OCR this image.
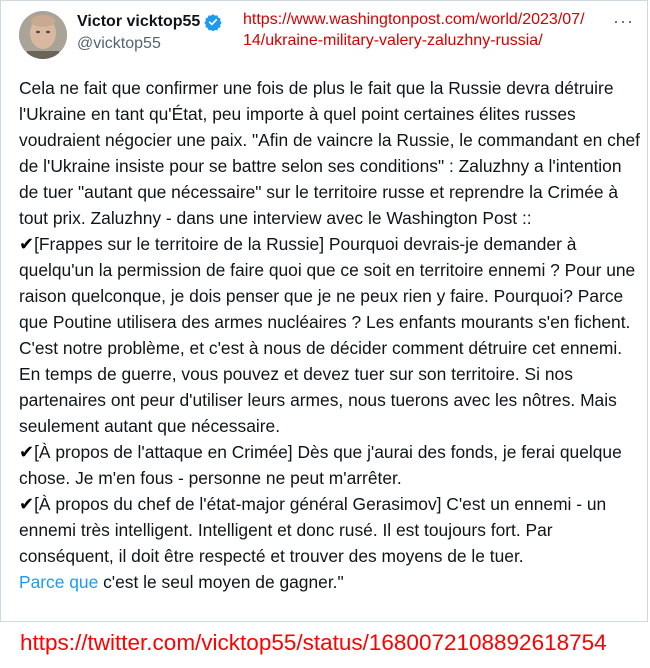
Victor vicktop55
@vicktop55
https://www.washingtonpost.com/world/2023/07/14/ukraine-military-valery-zaluzhny-russia/
···

Cela ne fait que confirmer une fois de plus le fait que la Russie devra détruire l'Ukraine en tant qu'État, peu importe à quel point certaines élites russes voudraient négocier une paix. "Afin de vaincre la Russie, le commandant en chef de l'Ukraine insiste pour se battre selon ses conditions" : Zaluzhny a l'intention de tuer "autant que nécessaire" sur le territoire russe et reprendre la Crimée à tout prix. Zaluzhny - dans une interview avec le Washington Post ::

✔[Frappes sur le territoire de la Russie] Pourquoi devrais-je demander à quelqu'un la permission de faire quoi que ce soit en territoire ennemi ? Pour une raison quelconque, je dois penser que je ne peux rien y faire. Pourquoi? Parce que Poutine utilisera des armes nucléaires ? Les enfants mourants s'en fichent. C'est notre problème, et c'est à nous de décider comment détruire cet ennemi. En temps de guerre, vous pouvez et devez tuer sur son territoire. Si nos partenaires ont peur d'utiliser leurs armes, nous tuerons avec les nôtres. Mais seulement autant que nécessaire.

✔[À propos de l'attaque en Crimée] Dès que j'aurai des fonds, je ferai quelque chose. Je m'en fous - personne ne peut m'arrêter.

✔[À propos du chef de l'état-major général Gerasimov] C'est un ennemi - un ennemi très intelligent. Intelligent et donc rusé. Il est toujours fort. Par conséquent, il doit être respecté et trouver des moyens de le tuer.
Parce que c'est le seul moyen de gagner."

https://twitter.com/vicktop55/status/1680072108892618754
